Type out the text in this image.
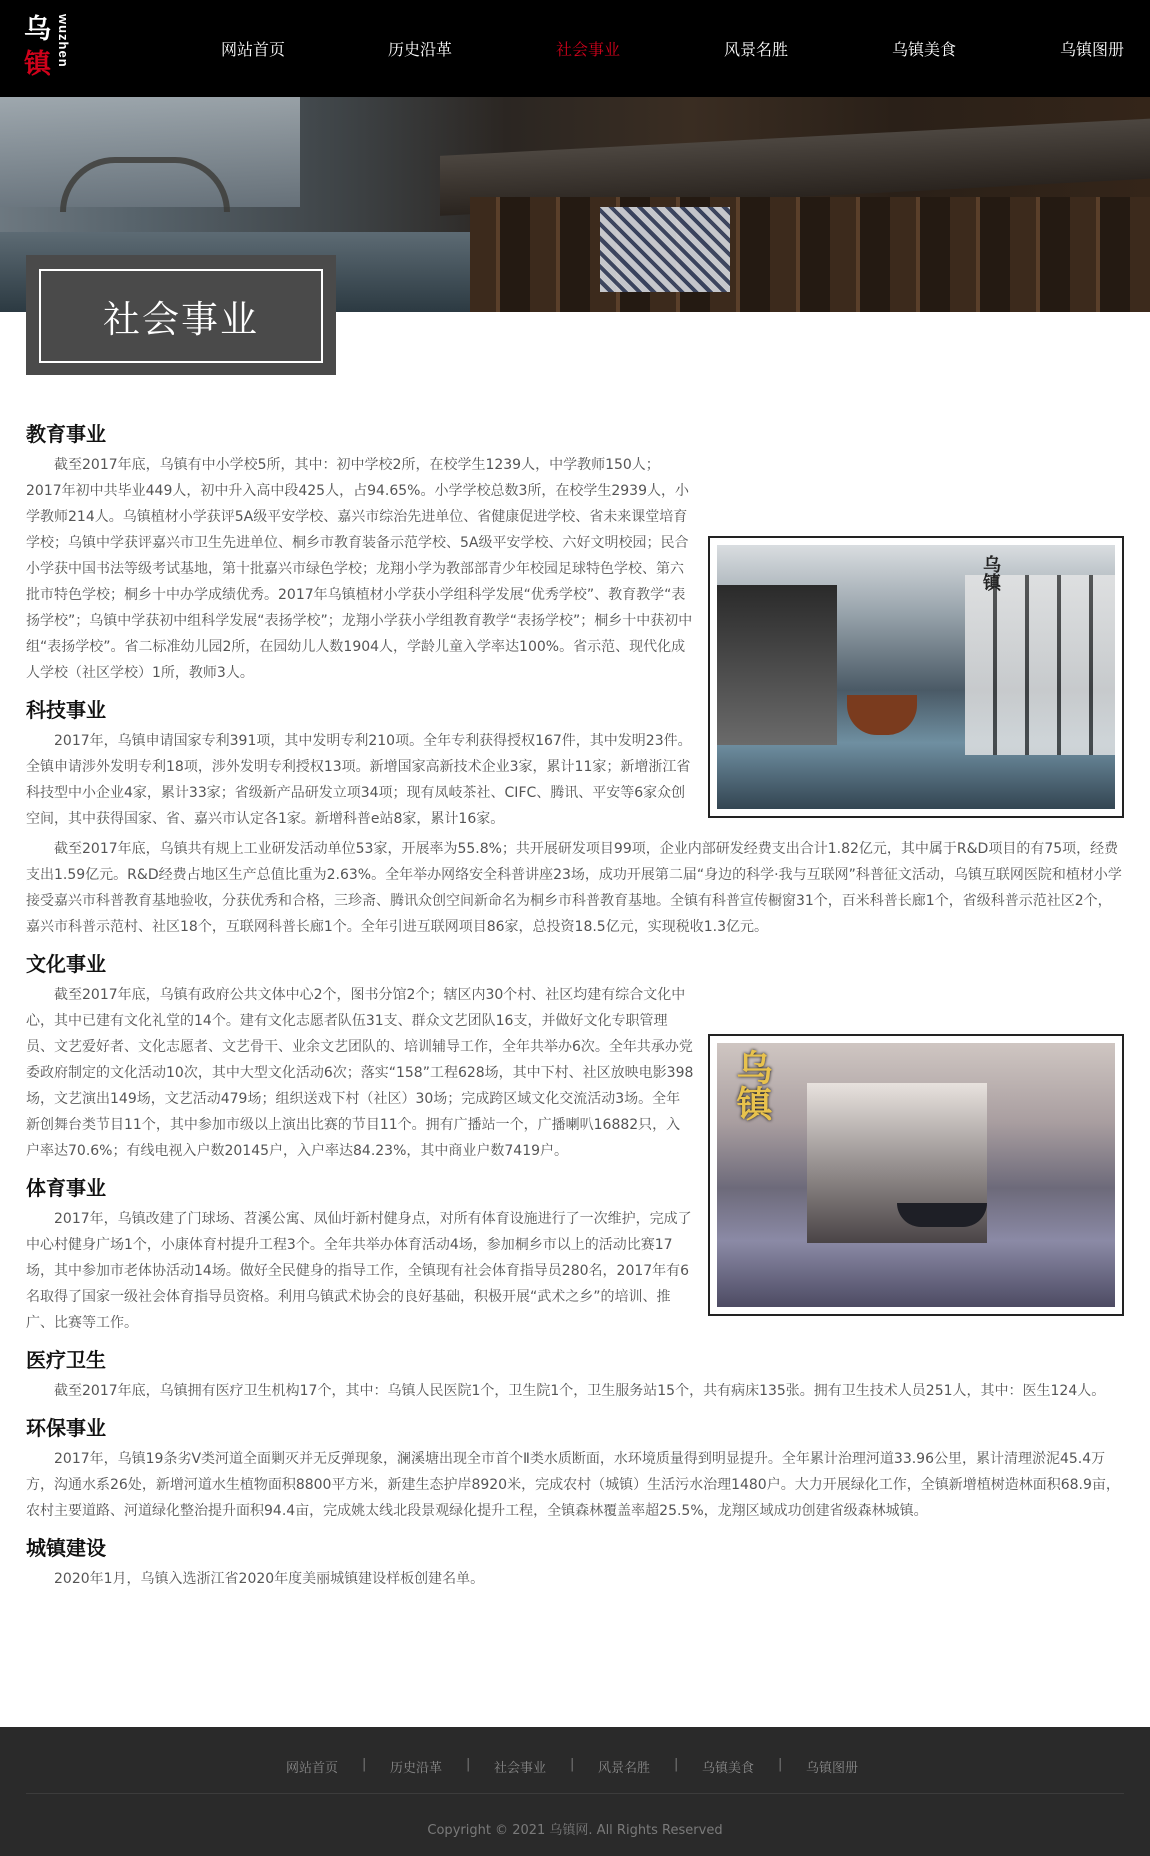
乌
镇 wuzhen	网站首页	历史沿革	社会事业	风景名胜	乌镇美食	乌镇图册
社会事业
教育事业
乌镇

截至2017年底，乌镇有中小学校5所，其中：初中学校2所，在校学生1239人，中学教师150人；2017年初中共毕业449人，初中升入高中段425人，占94.65%。小学学校总数3所，在校学生2939人，小学教师214人。乌镇植材小学获评5A级平安学校、嘉兴市综治先进单位、省健康促进学校、省未来课堂培育学校；乌镇中学获评嘉兴市卫生先进单位、桐乡市教育装备示范学校、5A级平安学校、六好文明校园；民合小学获中国书法等级考试基地，第十批嘉兴市绿色学校；龙翔小学为教部部青少年校园足球特色学校、第六批市特色学校；桐乡十中办学成绩优秀。2017年乌镇植材小学获小学组科学发展“优秀学校”、教育教学“表扬学校”；乌镇中学获初中组科学发展“表扬学校”；龙翔小学获小学组教育教学“表扬学校”；桐乡十中获初中组“表扬学校”。省二标准幼儿园2所，在园幼儿人数1904人，学龄儿童入学率达100%。省示范、现代化成人学校（社区学校）1所，教师3人。

科技事业

2017年，乌镇申请国家专利391项，其中发明专利210项。全年专利获得授权167件，其中发明23件。全镇申请涉外发明专利18项，涉外发明专利授权13项。新增国家高新技术企业3家，累计11家；新增浙江省科技型中小企业4家，累计33家；省级新产品研发立项34项；现有凤岐茶社、CIFC、腾讯、平安等6家众创空间，其中获得国家、省、嘉兴市认定各1家。新增科普e站8家，累计16家。

截至2017年底，乌镇共有规上工业研发活动单位53家，开展率为55.8%；共开展研发项目99项，企业内部研发经费支出合计1.82亿元，其中属于R&D项目的有75项，经费支出1.59亿元。R&D经费占地区生产总值比重为2.63%。全年举办网络安全科普讲座23场，成功开展第二届“身边的科学·我与互联网”科普征文活动，乌镇互联网医院和植材小学接受嘉兴市科普教育基地验收，分获优秀和合格，三珍斋、腾讯众创空间新命名为桐乡市科普教育基地。全镇有科普宣传橱窗31个，百米科普长廊1个，省级科普示范社区2个，嘉兴市科普示范村、社区18个，互联网科普长廊1个。全年引进互联网项目86家，总投资18.5亿元，实现税收1.3亿元。

文化事业
乌镇

截至2017年底，乌镇有政府公共文体中心2个，图书分馆2个；辖区内30个村、社区均建有综合文化中心，其中已建有文化礼堂的14个。建有文化志愿者队伍31支、群众文艺团队16支，并做好文化专职管理员、文艺爱好者、文化志愿者、文艺骨干、业余文艺团队的、培训辅导工作，全年共举办6次。全年共承办党委政府制定的文化活动10次，其中大型文化活动6次；落实“158”工程628场，其中下村、社区放映电影398场，文艺演出149场，文艺活动479场；组织送戏下村（社区）30场；完成跨区域文化交流活动3场。全年新创舞台类节目11个，其中参加市级以上演出比赛的节目11个。拥有广播站一个，广播喇叭16882只，入户率达70.6%；有线电视入户数20145户，入户率达84.23%，其中商业户数7419户。

体育事业

2017年，乌镇改建了门球场、苕溪公寓、凤仙圩新村健身点，对所有体育设施进行了一次维护，完成了中心村健身广场1个，小康体育村提升工程3个。全年共举办体育活动4场，参加桐乡市以上的活动比赛17场，其中参加市老体协活动14场。做好全民健身的指导工作，全镇现有社会体育指导员280名，2017年有6名取得了国家一级社会体育指导员资格。利用乌镇武术协会的良好基础，积极开展“武术之乡”的培训、推广、比赛等工作。

医疗卫生

截至2017年底，乌镇拥有医疗卫生机构17个，其中：乌镇人民医院1个，卫生院1个，卫生服务站15个，共有病床135张。拥有卫生技术人员251人，其中：医生124人。

环保事业

2017年，乌镇19条劣V类河道全面剿灭并无反弹现象，澜溪塘出现全市首个Ⅱ类水质断面，水环境质量得到明显提升。全年累计治理河道33.96公里，累计清理淤泥45.4万方，沟通水系26处，新增河道水生植物面积8800平方米，新建生态护岸8920米，完成农村（城镇）生活污水治理1480户。大力开展绿化工作，全镇新增植树造林面积68.9亩，农村主要道路、河道绿化整治提升面积94.4亩，完成姚太线北段景观绿化提升工程，全镇森林覆盖率超25.5%，龙翔区域成功创建省级森林城镇。

城镇建设

2020年1月，乌镇入选浙江省2020年度美丽城镇建设样板创建名单。

网站首页 | 历史沿革 | 社会事业 | 风景名胜 | 乌镇美食 | 乌镇图册
Copyright © 2021 乌镇网. All Rights Reserved
